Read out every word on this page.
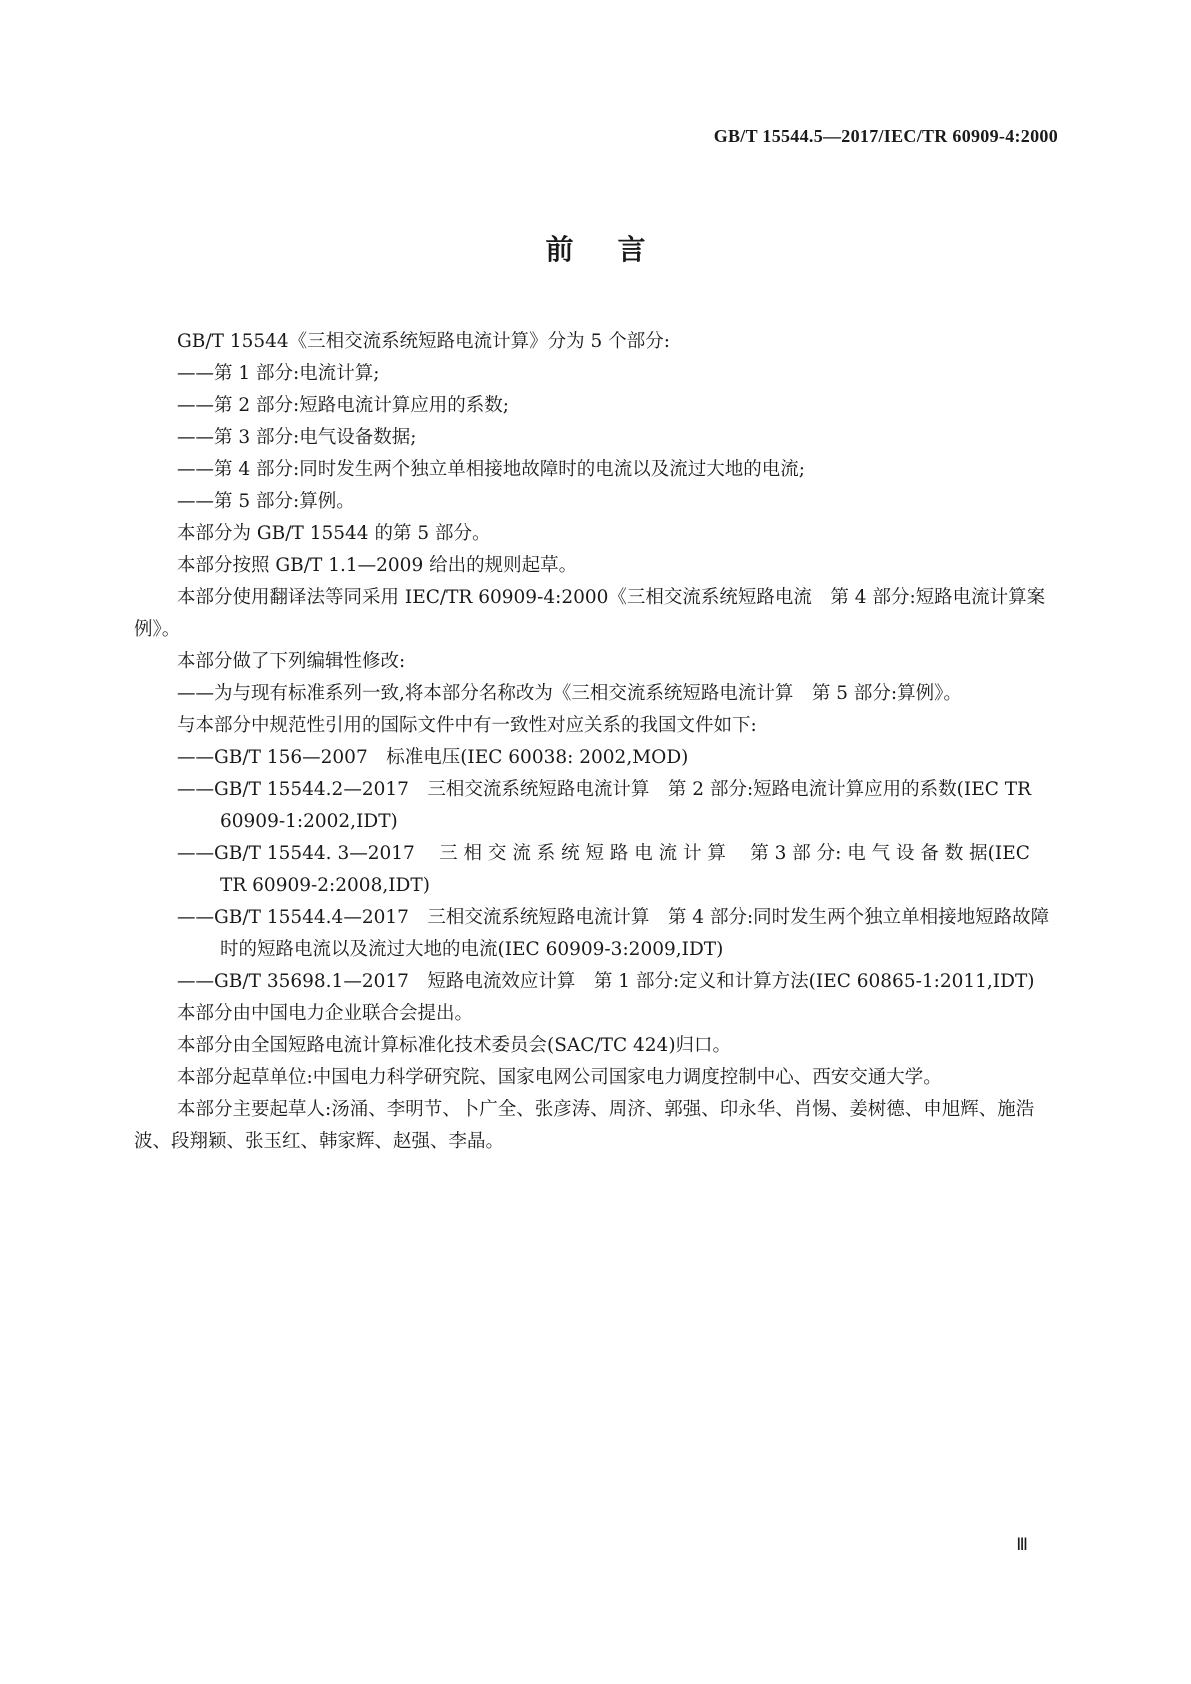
GB/T 15544.5—2017/IEC/TR 60909-4:2000
前言

GB/T 15544《三相交流系统短路电流计算》分为 5 个部分:

——第 1 部分:电流计算;

——第 2 部分:短路电流计算应用的系数;

——第 3 部分:电气设备数据;

——第 4 部分:同时发生两个独立单相接地故障时的电流以及流过大地的电流;

——第 5 部分:算例。

本部分为 GB/T 15544 的第 5 部分。

本部分按照 GB/T 1.1—2009 给出的规则起草。

本部分使用翻译法等同采用 IEC/TR 60909-4:2000《三相交流系统短路电流　第 4 部分:短路电流计算案例》。

本部分做了下列编辑性修改:

——为与现有标准系列一致,将本部分名称改为《三相交流系统短路电流计算　第 5 部分:算例》。

与本部分中规范性引用的国际文件中有一致性对应关系的我国文件如下:

——GB/T 156—2007　标准电压(IEC 60038: 2002,MOD)

——GB/T 15544.2—2017　三相交流系统短路电流计算　第 2 部分:短路电流计算应用的系数(IEC TR 60909-1:2002,IDT)

——GB/T 15544. 3—2017　 三 相 交 流 系 统 短 路 电 流 计 算　 第 3 部 分: 电 气 设 备 数 据(IEC TR 60909-2:2008,IDT)

——GB/T 15544.4—2017　三相交流系统短路电流计算　第 4 部分:同时发生两个独立单相接地短路故障时的短路电流以及流过大地的电流(IEC 60909-3:2009,IDT)

——GB/T 35698.1—2017　短路电流效应计算　第 1 部分:定义和计算方法(IEC 60865-1:2011,IDT)

本部分由中国电力企业联合会提出。

本部分由全国短路电流计算标准化技术委员会(SAC/TC 424)归口。

本部分起草单位:中国电力科学研究院、国家电网公司国家电力调度控制中心、西安交通大学。

本部分主要起草人:汤涌、李明节、卜广全、张彦涛、周济、郭强、印永华、肖惕、姜树德、申旭辉、施浩波、段翔颖、张玉红、韩家辉、赵强、李晶。

Ⅲ
